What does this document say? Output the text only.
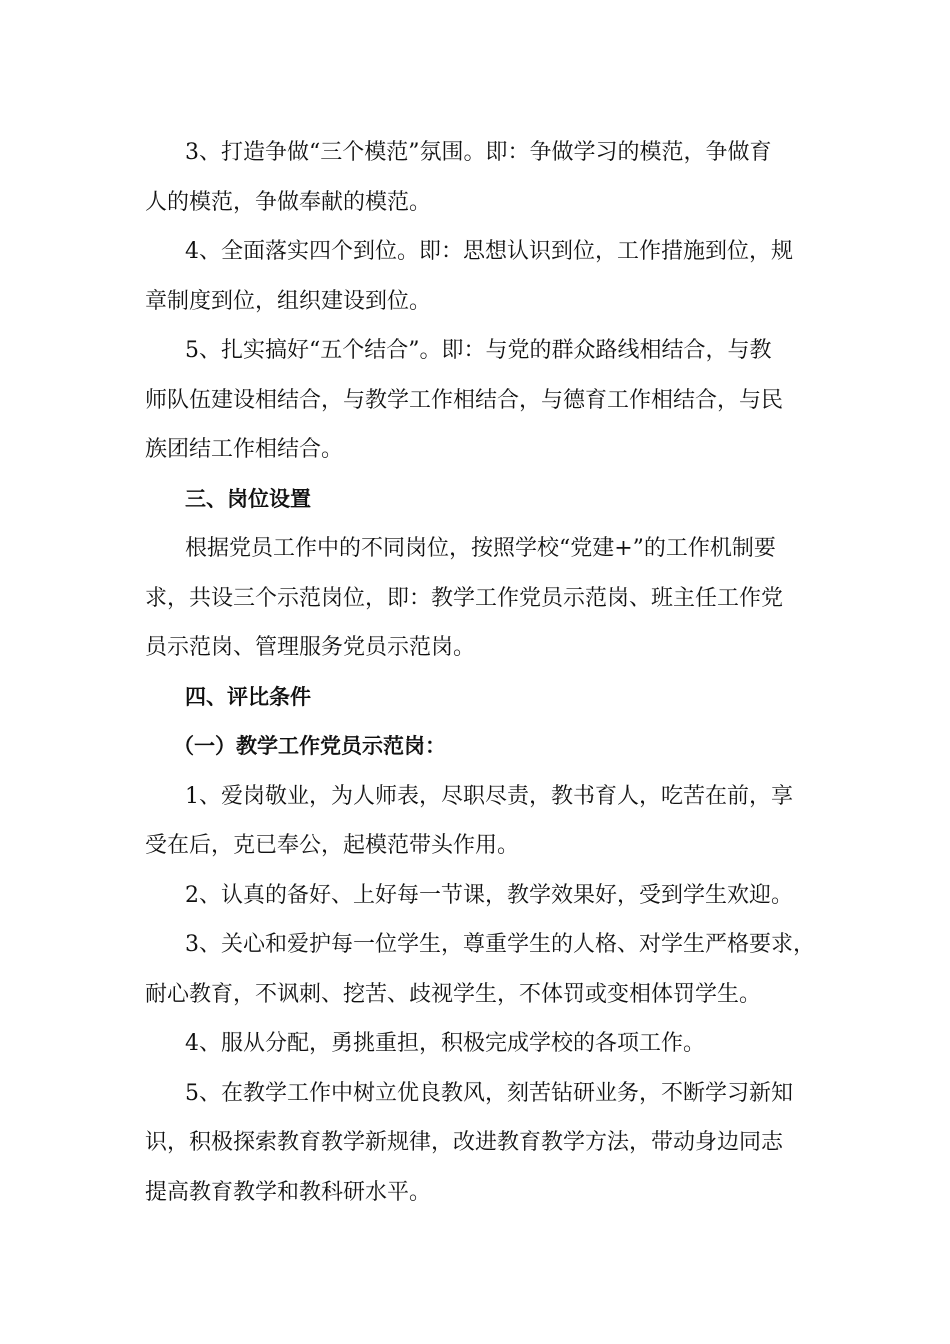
3、打造争做“三个模范”氛围。即：争做学习的模范，争做育
人的模范，争做奉献的模范。
4、全面落实四个到位。即：思想认识到位，工作措施到位，规
章制度到位，组织建设到位。
5、扎实搞好“五个结合”。即：与党的群众路线相结合，与教
师队伍建设相结合，与教学工作相结合，与德育工作相结合，与民
族团结工作相结合。
三、岗位设置
根据党员工作中的不同岗位，按照学校“党建+”的工作机制要
求，共设三个示范岗位，即：教学工作党员示范岗、班主任工作党
员示范岗、管理服务党员示范岗。
四、评比条件
（一）教学工作党员示范岗：
1、爱岗敬业，为人师表，尽职尽责，教书育人，吃苦在前，享
受在后，克已奉公，起模范带头作用。
2、认真的备好、上好每一节课，教学效果好，受到学生欢迎。
3、关心和爱护每一位学生，尊重学生的人格、对学生严格要求，
耐心教育，不讽刺、挖苦、歧视学生，不体罚或变相体罚学生。
4、服从分配，勇挑重担，积极完成学校的各项工作。
5、在教学工作中树立优良教风，刻苦钻研业务，不断学习新知
识，积极探索教育教学新规律，改进教育教学方法，带动身边同志
提高教育教学和教科研水平。
